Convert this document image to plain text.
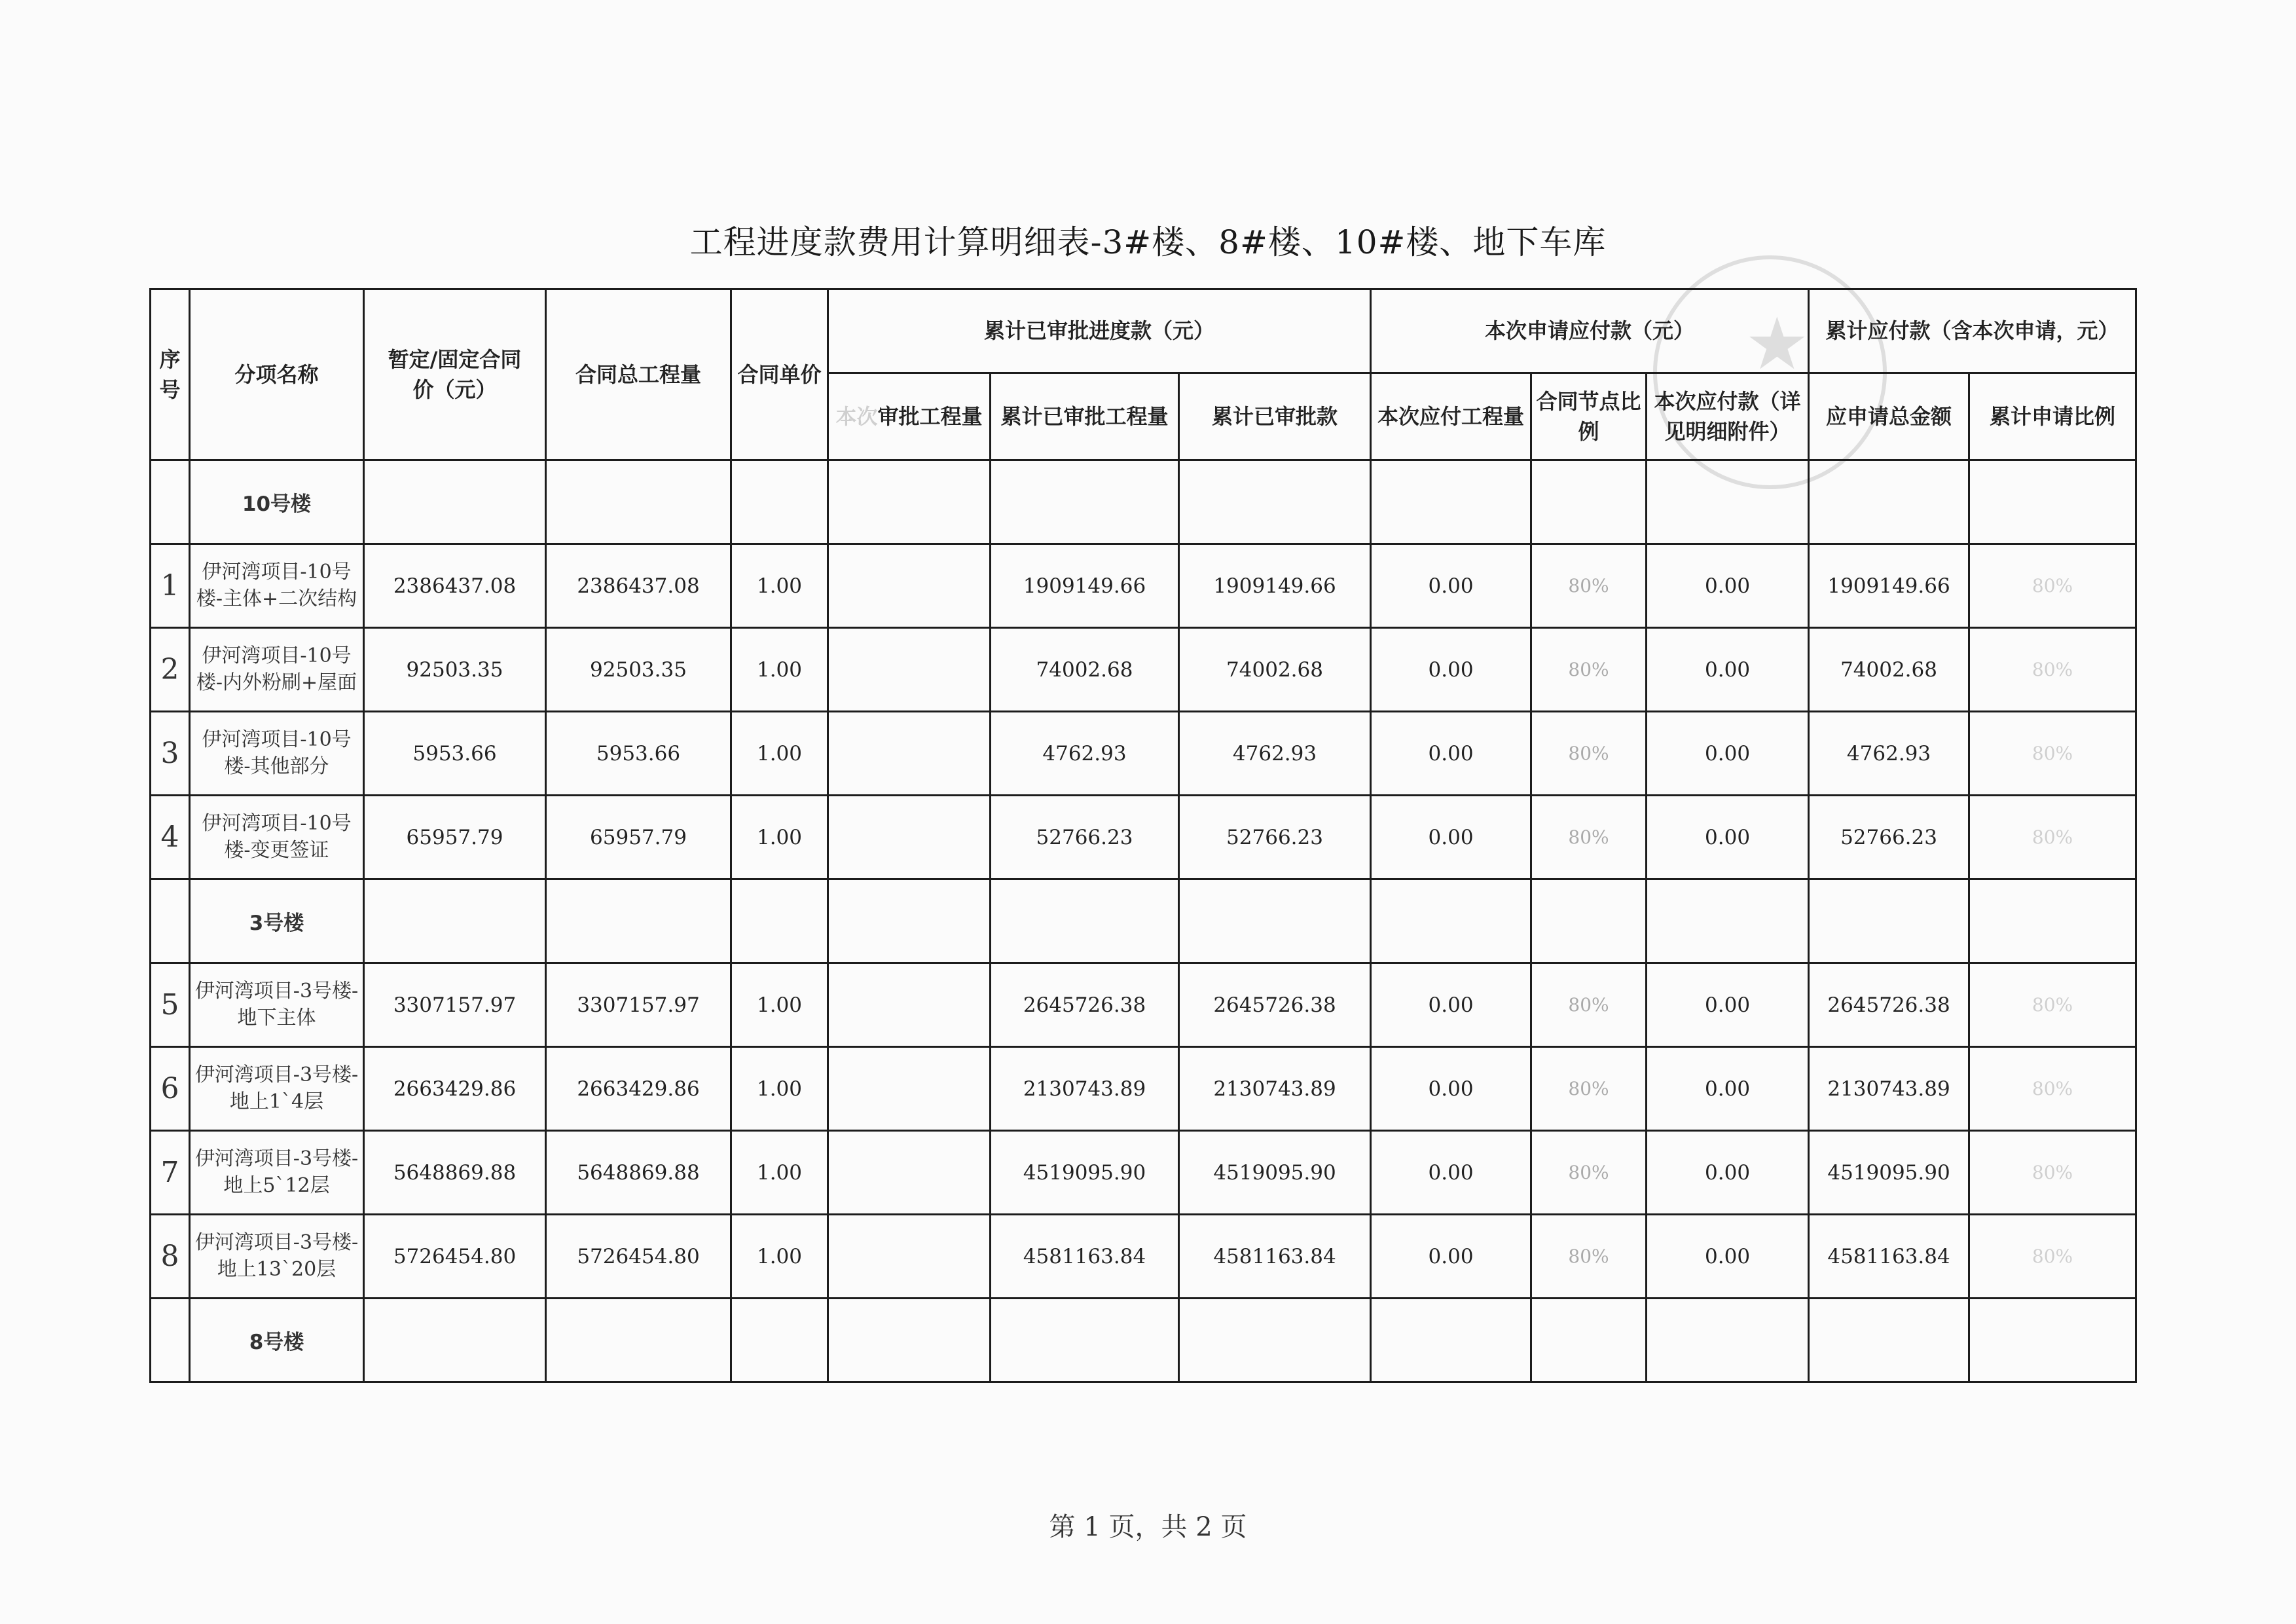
★
工程进度款费用计算明细表-3#楼、8#楼、10#楼、地下车库
序号	分项名称	暂定/固定合同价（元）	合同总工程量	合同单价	累计已审批进度款（元）			本次申请应付款（元）			累计应付款（含本次申请，元）	
					本次审批工程量	累计已审批工程量	累计已审批款	本次应付工程量	合同节点比例	本次应付款（详见明细附件）	应申请总金额	累计申请比例
	10号楼											
1	伊河湾项目-10号楼-主体+二次结构	2386437.08	2386437.08	1.00		1909149.66	1909149.66	0.00	80%	0.00	1909149.66	80%
2	伊河湾项目-10号楼-内外粉刷+屋面	92503.35	92503.35	1.00		74002.68	74002.68	0.00	80%	0.00	74002.68	80%
3	伊河湾项目-10号楼-其他部分	5953.66	5953.66	1.00		4762.93	4762.93	0.00	80%	0.00	4762.93	80%
4	伊河湾项目-10号楼-变更签证	65957.79	65957.79	1.00		52766.23	52766.23	0.00	80%	0.00	52766.23	80%
	3号楼											
5	伊河湾项目-3号楼-地下主体	3307157.97	3307157.97	1.00		2645726.38	2645726.38	0.00	80%	0.00	2645726.38	80%
6	伊河湾项目-3号楼-地上1`4层	2663429.86	2663429.86	1.00		2130743.89	2130743.89	0.00	80%	0.00	2130743.89	80%
7	伊河湾项目-3号楼-地上5`12层	5648869.88	5648869.88	1.00		4519095.90	4519095.90	0.00	80%	0.00	4519095.90	80%
8	伊河湾项目-3号楼-地上13`20层	5726454.80	5726454.80	1.00		4581163.84	4581163.84	0.00	80%	0.00	4581163.84	80%
	8号楼											
第 1 页，共 2 页
